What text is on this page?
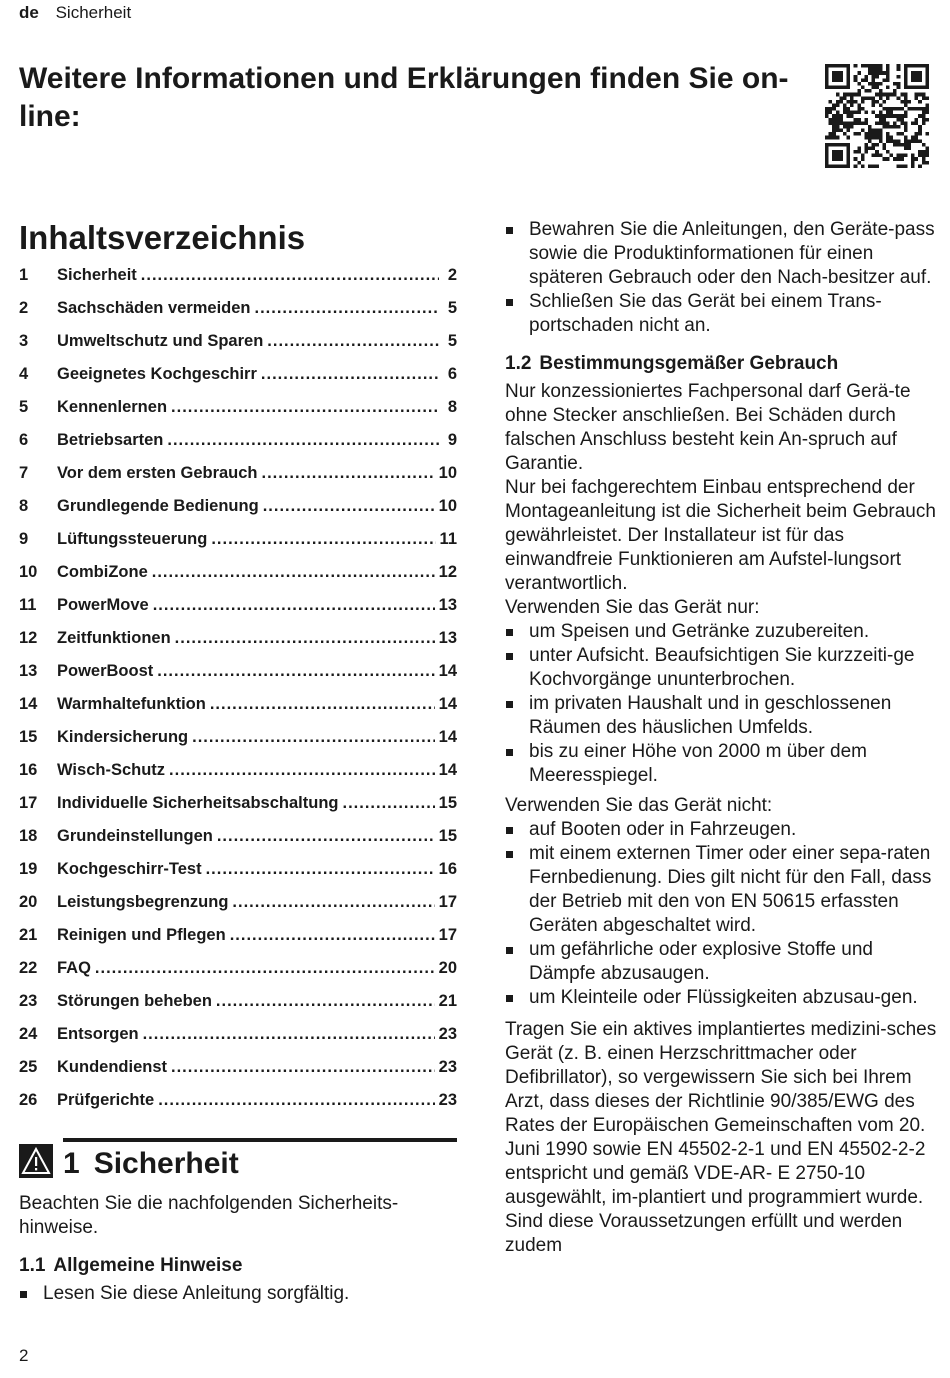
de Sicherheit
Weitere Informationen und Erklärungen finden Sie on-line:
Inhaltsverzeichnis
1	Sicherheit .....	2
2	Sachschäden vermeiden .....	5
3	Umweltschutz und Sparen .....	5
4	Geeignetes Kochgeschirr .....	6
5	Kennenlernen .....	8
6	Betriebsarten .....	9
7	Vor dem ersten Gebrauch .....	10
8	Grundlegende Bedienung .....	10
9	Lüftungssteuerung .....	11
10	CombiZone .....	12
11	PowerMove .....	13
12	Zeitfunktionen .....	13
13	PowerBoost .....	14
14	Warmhaltefunktion .....	14
15	Kindersicherung .....	14
16	Wisch-Schutz .....	14
17	Individuelle Sicherheitsabschaltung .....	15
18	Grundeinstellungen .....	15
19	Kochgeschirr-Test .....	16
20	Leistungsbegrenzung .....	17
21	Reinigen und Pflegen .....	17
22	FAQ .....	20
23	Störungen beheben .....	21
24	Entsorgen .....	23
25	Kundendienst .....	23
26	Prüfgerichte .....	23
1 Sicherheit

Beachten Sie die nachfolgenden Sicherheits-hinweise.

1.1 Allgemeine Hinweise
Lesen Sie diese Anleitung sorgfältig.
Bewahren Sie die Anleitungen, den Geräte-pass sowie die Produktinformationen für einen späteren Gebrauch oder den Nach-besitzer auf.
Schließen Sie das Gerät bei einem Trans-portschaden nicht an.
1.2 Bestimmungsgemäßer Gebrauch

Nur konzessioniertes Fachpersonal darf Gerä-te ohne Stecker anschließen. Bei Schäden durch falschen Anschluss besteht kein An-spruch auf Garantie.

Nur bei fachgerechtem Einbau entsprechend der Montageanleitung ist die Sicherheit beim Gebrauch gewährleistet. Der Installateur ist für das einwandfreie Funktionieren am Aufstel-lungsort verantwortlich.

Verwenden Sie das Gerät nur:

um Speisen und Getränke zuzubereiten.
unter Aufsicht. Beaufsichtigen Sie kurzzeiti-ge Kochvorgänge ununterbrochen.
im privaten Haushalt und in geschlossenen Räumen des häuslichen Umfelds.
bis zu einer Höhe von 2000 m über dem Meeresspiegel.

Verwenden Sie das Gerät nicht:

auf Booten oder in Fahrzeugen.
mit einem externen Timer oder einer sepa-raten Fernbedienung. Dies gilt nicht für den Fall, dass der Betrieb mit den von EN 50615 erfassten Geräten abgeschaltet wird.
um gefährliche oder explosive Stoffe und Dämpfe abzusaugen.
um Kleinteile oder Flüssigkeiten abzusau-gen.

Tragen Sie ein aktives implantiertes medizini-sches Gerät (z. B. einen Herzschrittmacher oder Defibrillator), so vergewissern Sie sich bei Ihrem Arzt, dass dieses der Richtlinie 90/385/EWG des Rates der Europäischen Gemeinschaften vom 20. Juni 1990 sowie EN 45502-2-1 und EN 45502-2-2 entspricht und gemäß VDE-AR- E 2750-10 ausgewählt, im-plantiert und programmiert wurde. Sind diese Voraussetzungen erfüllt und werden zudem

2
